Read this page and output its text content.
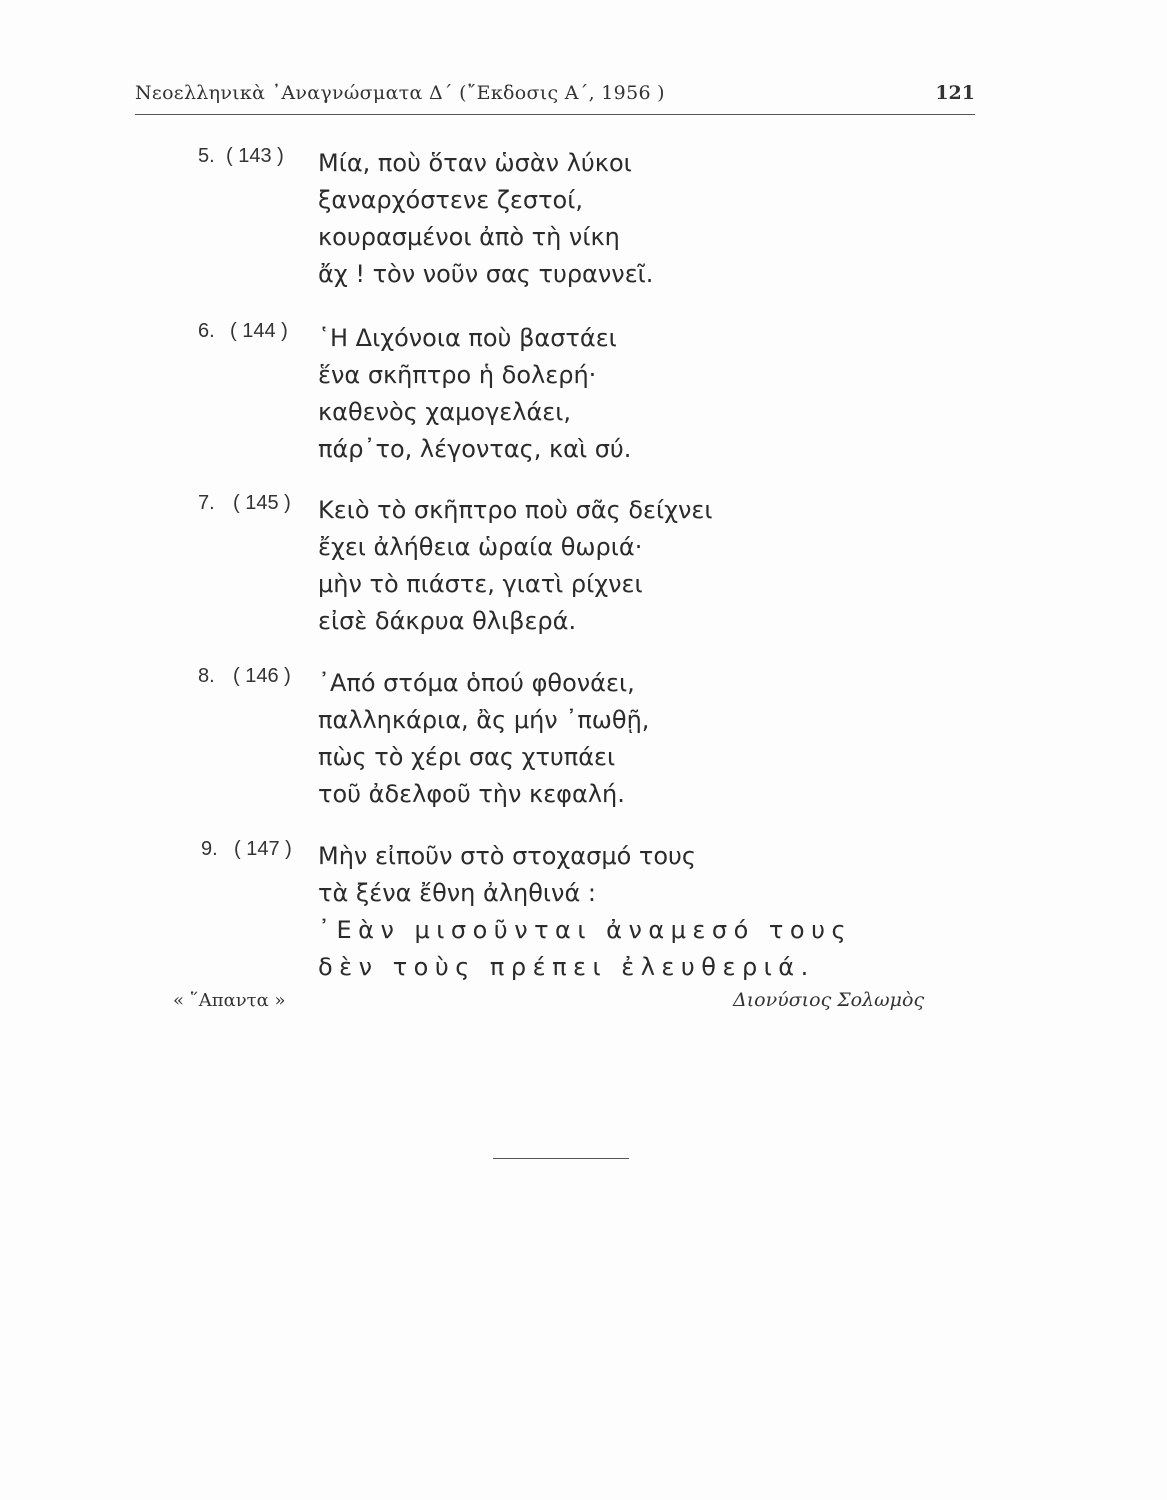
Νεοελληνικὰ ᾿Αναγνώσματα Δ΄ (῎Εκδοσις Α΄, 1956 )	121
5. ( 143 ) Μία, ποὺ ὅταν ὡσὰν λύκοι
ξαναρχόστενε ζεστοί,
κουρασμένοι ἀπὸ τὴ νίκη
ἄχ ! τὸν νοῦν σας τυραννεῖ.
6. ( 144 ) ῾Η Διχόνοια ποὺ βαστάει
ἕνα σκῆπτρο ἡ δολερή·
καθενὸς χαμογελάει,
πάρ᾿το, λέγοντας, καὶ σύ.
7. ( 145 ) Κειὸ τὸ σκῆπτρο ποὺ σᾶς δείχνει
ἔχει ἀλήθεια ὡραία θωριά·
μὴν τὸ πιάστε, γιατὶ ρίχνει
εἰσὲ δάκρυα θλιβερά.
8. ( 146 ) ᾿Από στόμα ὁπού φθονάει,
παλληκάρια, ἂς μήν ᾿πωθῇ,
πὼς τὸ χέρι σας χτυπάει
τοῦ ἀδελφοῦ τὴν κεφαλή.
9. ( 147 ) Μὴν εἰποῦν στὸ στοχασμό τους
τὰ ξένα ἔθνη ἀληθινά :
᾿Εὰν μισοῦνται ἀναμεσό τους
δὲν τοὺς πρέπει ἐλευθεριά.
« ῞Απαντα »	Διονύσιος Σολωμὸς
